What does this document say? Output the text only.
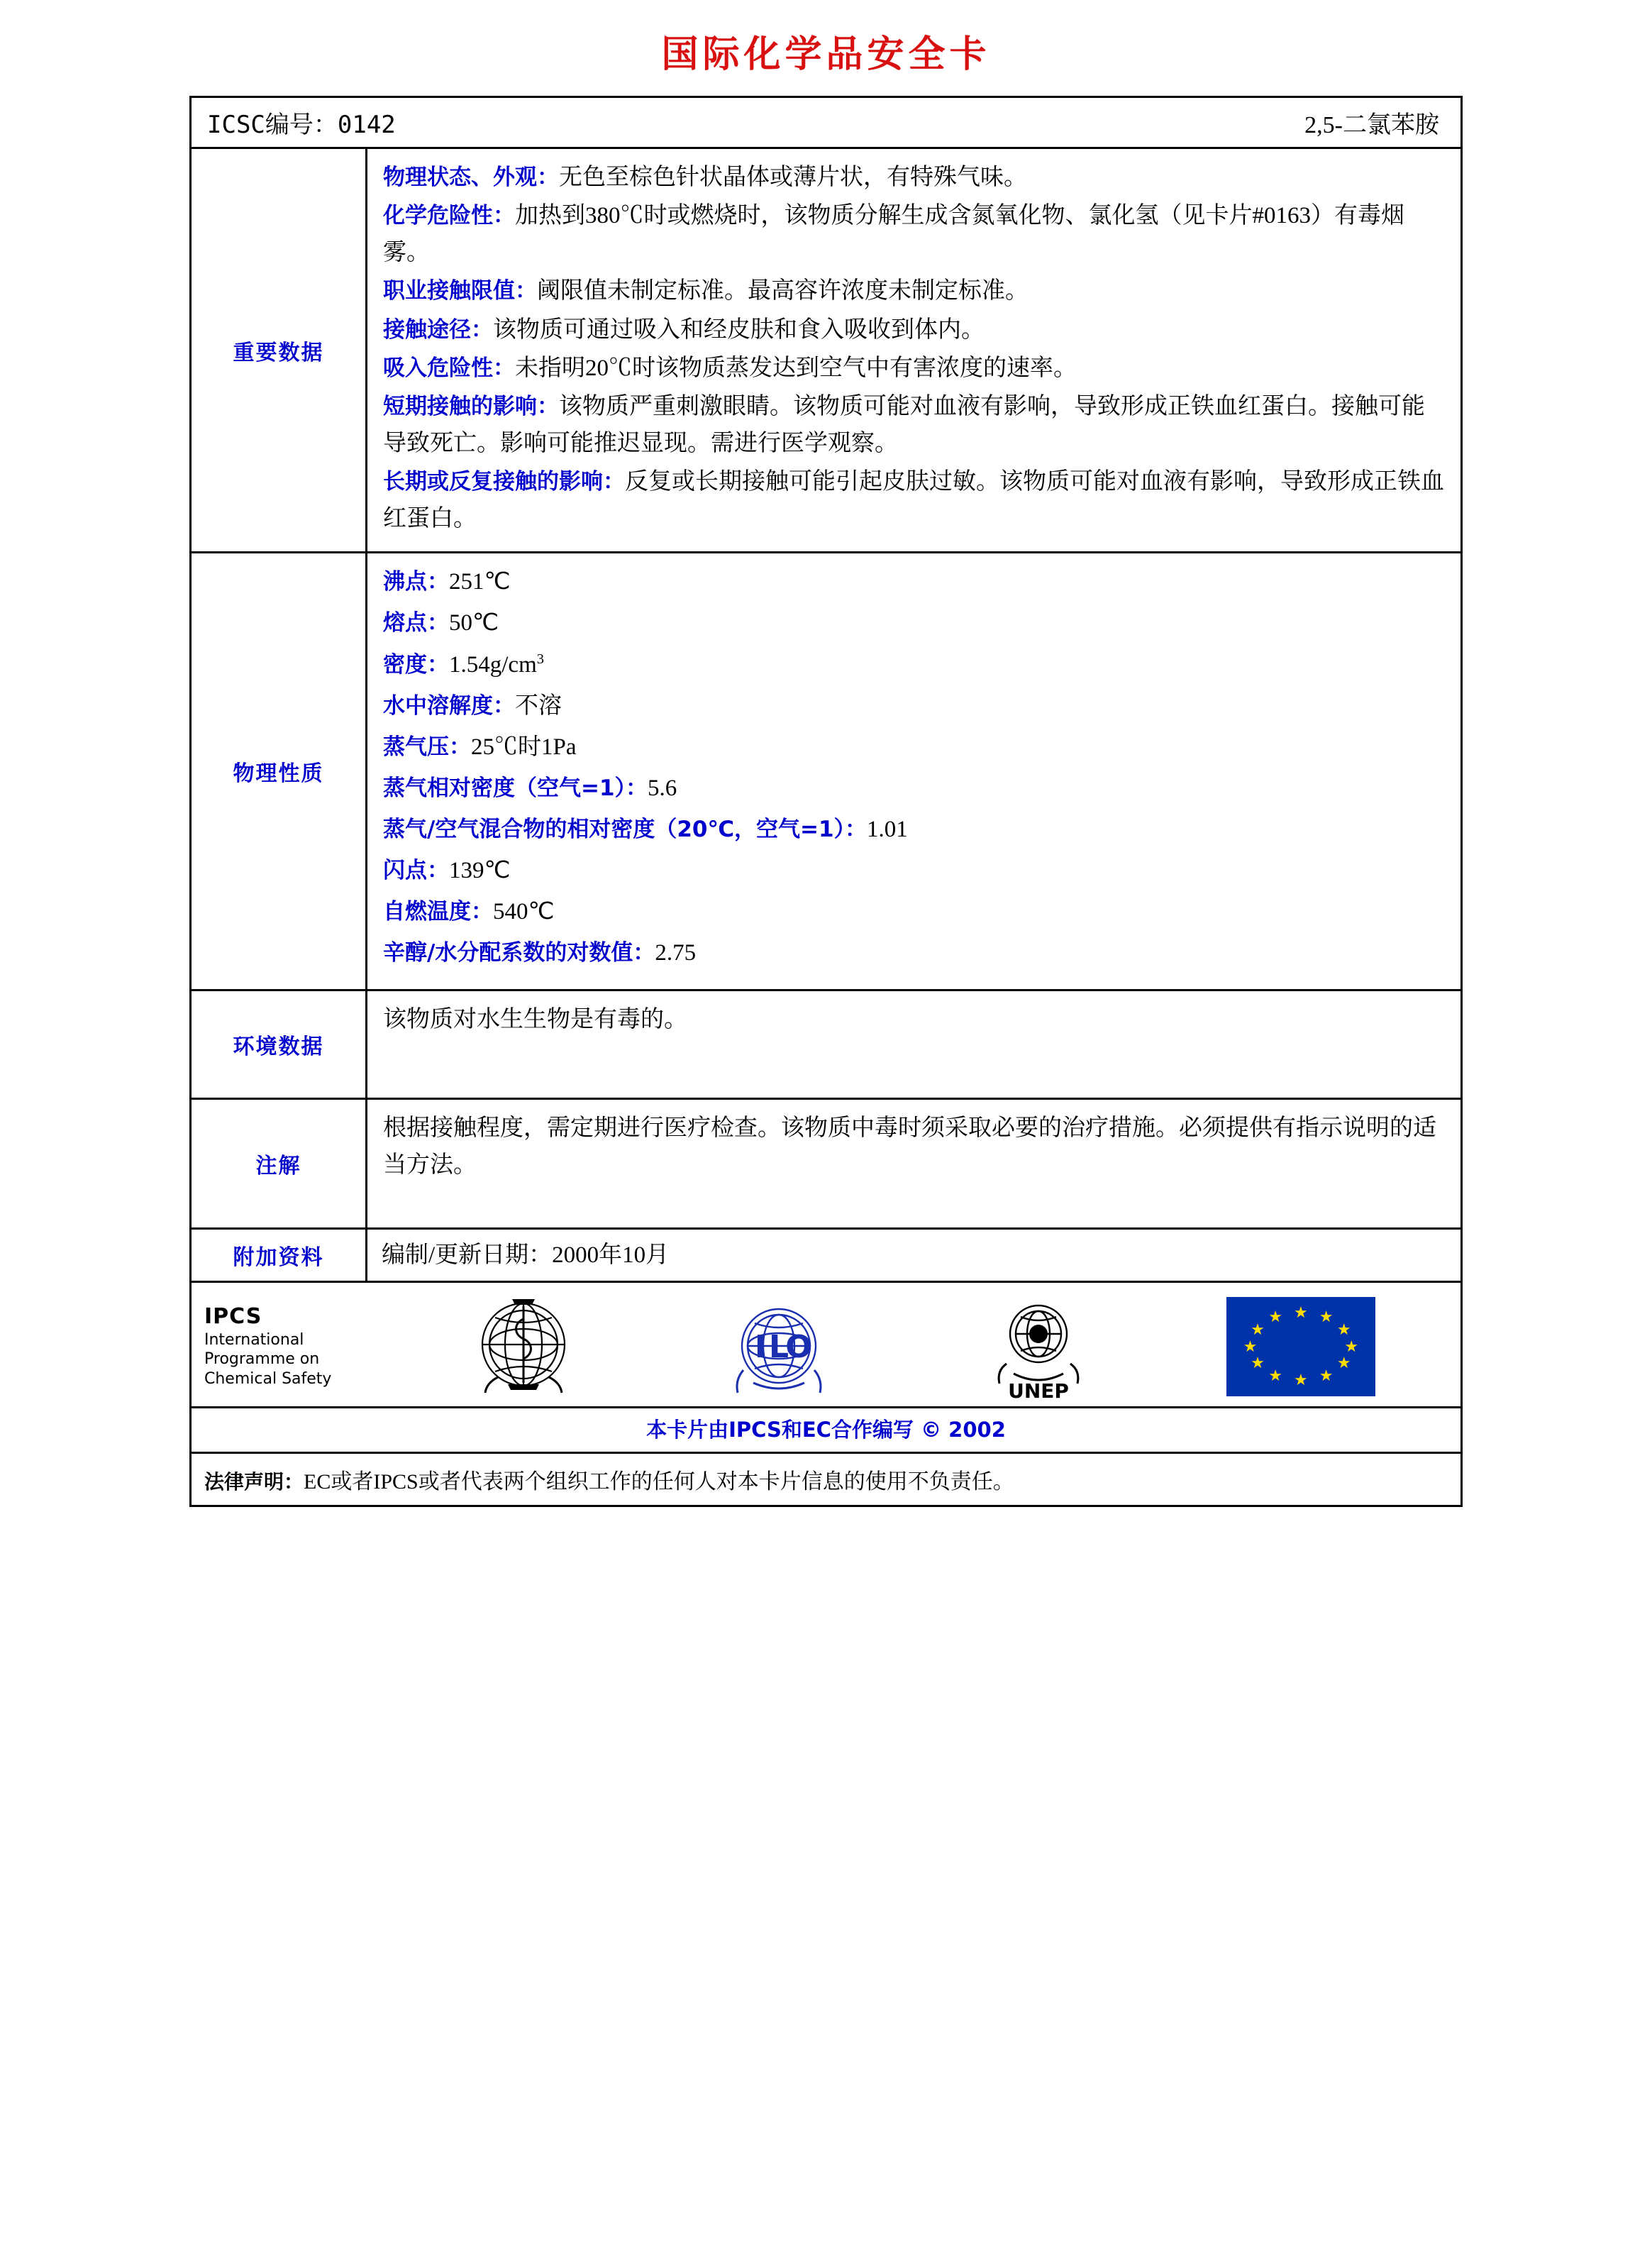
国际化学品安全卡
ICSC编号：0142	2,5-二氯苯胺
重要数据

物理状态、外观：无色至棕色针状晶体或薄片状，有特殊气味。

化学危险性：加热到380℃时或燃烧时，该物质分解生成含氮氧化物、氯化氢（见卡片#0163）有毒烟雾。

职业接触限值：阈限值未制定标准。最高容许浓度未制定标准。

接触途径：该物质可通过吸入和经皮肤和食入吸收到体内。

吸入危险性：未指明20℃时该物质蒸发达到空气中有害浓度的速率。

短期接触的影响：该物质严重刺激眼睛。该物质可能对血液有影响，导致形成正铁血红蛋白。接触可能导致死亡。影响可能推迟显现。需进行医学观察。

长期或反复接触的影响：反复或长期接触可能引起皮肤过敏。该物质可能对血液有影响，导致形成正铁血红蛋白。

物理性质

沸点：251℃

熔点：50℃

密度：$1.54g/cm^3$

水中溶解度：不溶

蒸气压：25℃时1Pa

蒸气相对密度（空气=1）：5.6

蒸气/空气混合物的相对密度（20℃，空气=1）：1.01

闪点：139℃

自燃温度：540℃

辛醇/水分配系数的对数值：2.75

环境数据

该物质对水生生物是有毒的。

注解

根据接触程度，需定期进行医疗检查。该物质中毒时须采取必要的治疗措施。必须提供有指示说明的适当方法。

附加资料	编制/更新日期：2000年10月
IPCS
International Programme on Chemical Safety
I L
O
UNEP
★ ★
★
★
★
★
★
★
★
★
★
★
本卡片由IPCS和EC合作编写 © 2002
法律声明：EC或者IPCS或者代表两个组织工作的任何人对本卡片信息的使用不负责任。
